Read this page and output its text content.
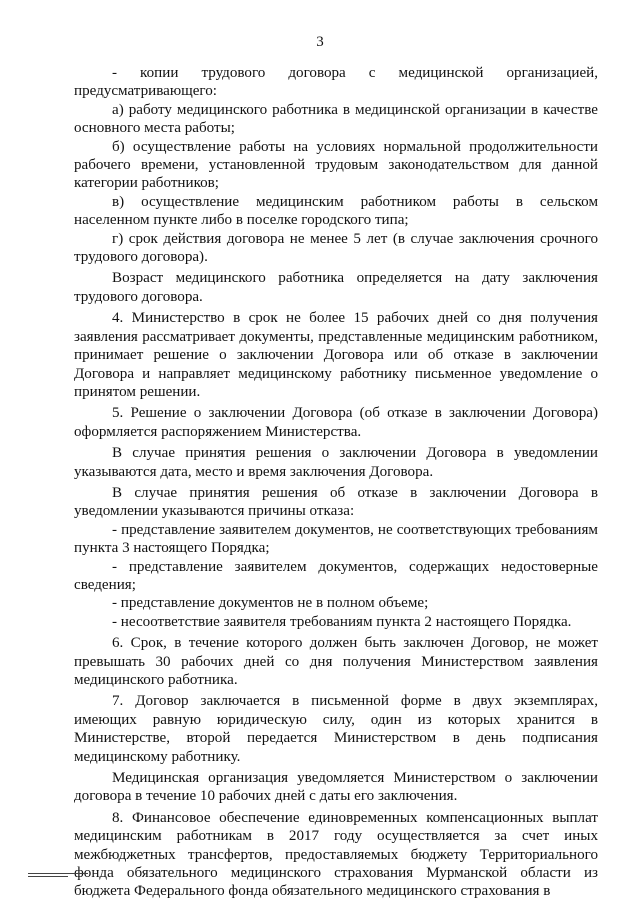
3

- копии трудового договора с медицинской организацией, предусматривающего:

а) работу медицинского работника в медицинской организации в качестве основного места работы;

б) осуществление работы на условиях нормальной продолжительности рабочего времени, установленной трудовым законодательством для данной категории работников;

в) осуществление медицинским работником работы в сельском населенном пункте либо в поселке городского типа;

г) срок действия договора не менее 5 лет (в случае заключения срочного трудового договора).

Возраст медицинского работника определяется на дату заключения трудового договора.

4. Министерство в срок не более 15 рабочих дней со дня получения заявления рассматривает документы, представленные медицинским работником, принимает решение о заключении Договора или об отказе в заключении Договора и направляет медицинскому работнику письменное уведомление о принятом решении.

5. Решение о заключении Договора (об отказе в заключении Договора) оформляется распоряжением Министерства.

В случае принятия решения о заключении Договора в уведомлении указываются дата, место и время заключения Договора.

В случае принятия решения об отказе в заключении Договора в уведомлении указываются причины отказа:

- представление заявителем документов, не соответствующих требованиям пункта 3 настоящего Порядка;

- представление заявителем документов, содержащих недостоверные сведения;

- представление документов не в полном объеме;

- несоответствие заявителя требованиям пункта 2 настоящего Порядка.

6. Срок, в течение которого должен быть заключен Договор, не может превышать 30 рабочих дней со дня получения Министерством заявления медицинского работника.

7. Договор заключается в письменной форме в двух экземплярах, имеющих равную юридическую силу, один из которых хранится в Министерстве, второй передается Министерством в день подписания медицинскому работнику.

Медицинская организация уведомляется Министерством о заключении договора в течение 10 рабочих дней с даты его заключения.

8. Финансовое обеспечение единовременных компенсационных выплат медицинским работникам в 2017 году осуществляется за счет иных межбюджетных трансфертов, предоставляемых бюджету Территориального фонда обязательного медицинского страхования Мурманской области из бюджета Федерального фонда обязательного медицинского страхования в
